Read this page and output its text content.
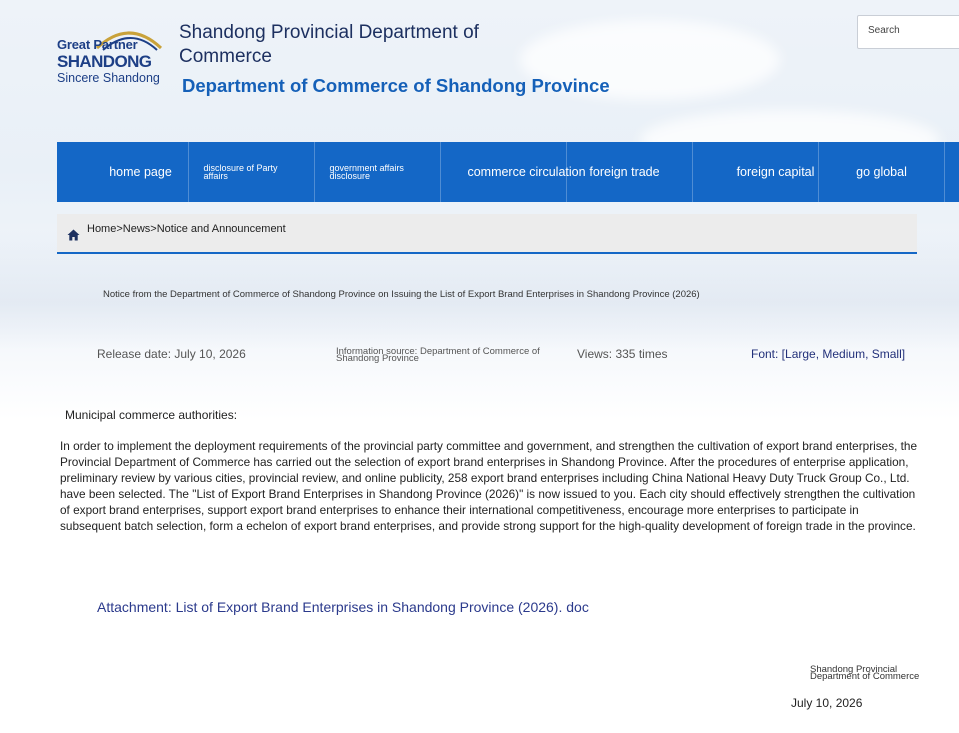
Great Partner
SHANDONG
Sincere Shandong
Shandong Provincial Department of Commerce
Department of Commerce of Shandong Province
Search
home page	disclosure of Party affairs
government affairs disclosure	commerce circulation foreign trade	foreign capital	go global
Home>News>Notice and Announcement
Notice from the Department of Commerce of Shandong Province on Issuing the List of Export Brand Enterprises in Shandong Province (2026)
Release date: July 10, 2026	Information source: Department of Commerce of Shandong Province	Views: 335 times	Font: [Large, Medium, Small]
Municipal commerce authorities:
In order to implement the deployment requirements of the provincial party committee and government, and strengthen the cultivation of export brand enterprises, the Provincial Department of Commerce has carried out the selection of export brand enterprises in Shandong Province. After the procedures of enterprise application, preliminary review by various cities, provincial review, and online publicity, 258 export brand enterprises including China National Heavy Duty Truck Group Co., Ltd. have been selected. The "List of Export Brand Enterprises in Shandong Province (2026)" is now issued to you. Each city should effectively strengthen the cultivation of export brand enterprises, support export brand enterprises to enhance their international competitiveness, encourage more enterprises to participate in subsequent batch selection, form a echelon of export brand enterprises, and provide strong support for the high-quality development of foreign trade in the province.
Attachment: List of Export Brand Enterprises in Shandong Province (2026). doc
Shandong Provincial Department of Commerce
July 10, 2026
